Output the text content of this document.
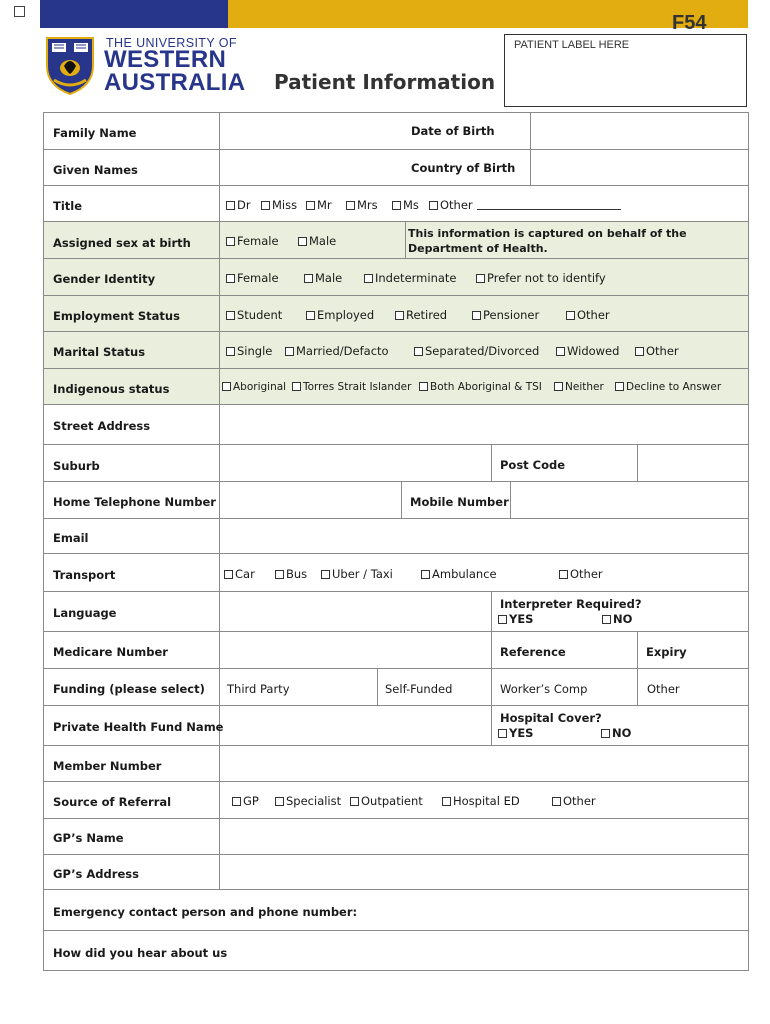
F54
PATIENT LABEL HERE
THE UNIVERSITY OF
WESTERN
AUSTRALIA Patient Information
Family Name	Date of Birth
Given Names	Country of Birth
Title	Dr	Miss	Mr	Mrs	Ms	Other
Assigned sex at birth	Female	Male
This information is captured on behalf of the Department of Health.
Gender Identity	Female	Male	Indeterminate	Prefer not to identify
Employment Status	Student	Employed	Retired	Pensioner	Other
Marital Status	Single	Married/Defacto	Separated/Divorced	Widowed	Other
Indigenous status	Aboriginal	Torres Strait Islander	Both Aboriginal & TSI	Neither	Decline to Answer
Street Address
Suburb	Post Code
Home Telephone Number	Mobile Number
Email
Transport	Car	Bus	Uber / Taxi	Ambulance	Other
Language
Interpreter Required?
YES	NO
Medicare Number	Reference	Expiry
Funding (please select) Third Party	Self-Funded	Worker’s Comp	Other
Private Health Fund Name
Hospital Cover?
YES	NO
Member Number
Source of Referral	GP	Specialist	Outpatient	Hospital ED	Other
GP’s Name
GP’s Address
Emergency contact person and phone number:
How did you hear about us
